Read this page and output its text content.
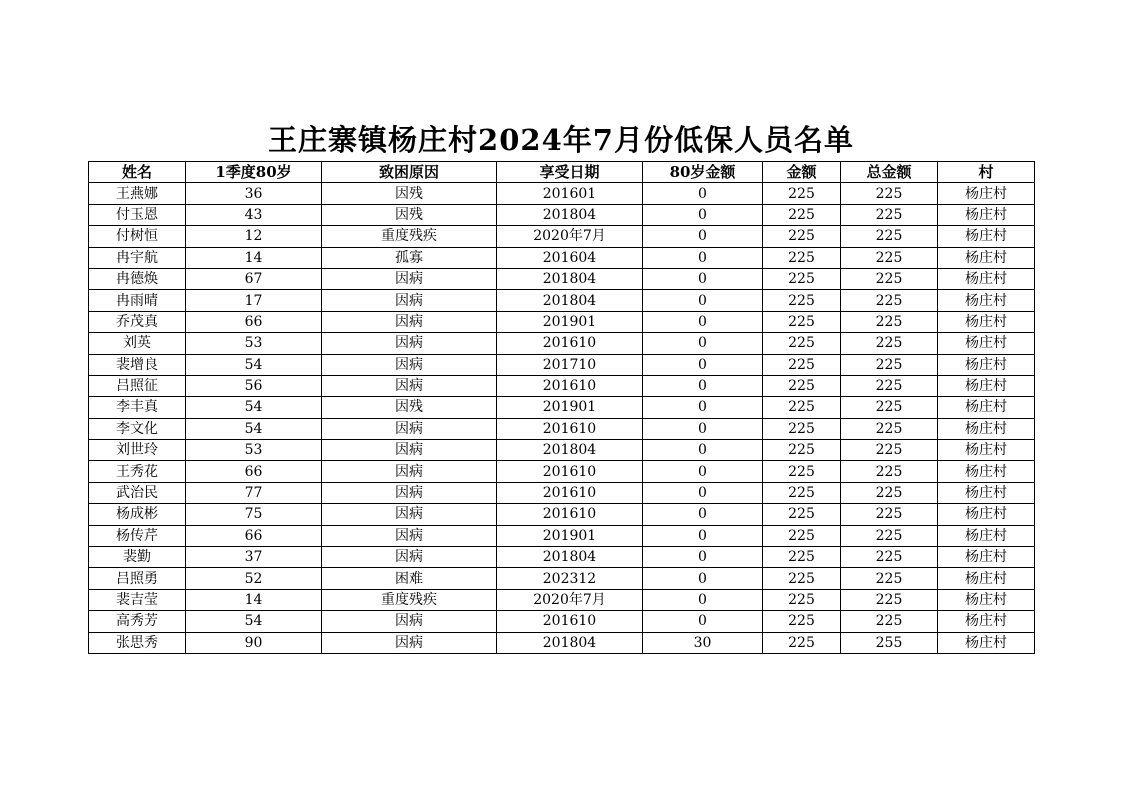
王庄寨镇杨庄村2024年7月份低保人员名单
姓名	1季度80岁	致困原因	享受日期	80岁金额	金额	总金额	村
王燕娜	36	因残	201601	0	225	225	杨庄村
付玉恩	43	因残	201804	0	225	225	杨庄村
付树恒	12	重度残疾	2020年7月	0	225	225	杨庄村
冉宇航	14	孤寡	201604	0	225	225	杨庄村
冉德焕	67	因病	201804	0	225	225	杨庄村
冉雨晴	17	因病	201804	0	225	225	杨庄村
乔茂真	66	因病	201901	0	225	225	杨庄村
刘英	53	因病	201610	0	225	225	杨庄村
裴增良	54	因病	201710	0	225	225	杨庄村
吕照征	56	因病	201610	0	225	225	杨庄村
李丰真	54	因残	201901	0	225	225	杨庄村
李文化	54	因病	201610	0	225	225	杨庄村
刘世玲	53	因病	201804	0	225	225	杨庄村
王秀花	66	因病	201610	0	225	225	杨庄村
武治民	77	因病	201610	0	225	225	杨庄村
杨成彬	75	因病	201610	0	225	225	杨庄村
杨传芹	66	因病	201901	0	225	225	杨庄村
裴勤	37	因病	201804	0	225	225	杨庄村
吕照勇	52	困难	202312	0	225	225	杨庄村
裴吉莹	14	重度残疾	2020年7月	0	225	225	杨庄村
高秀芳	54	因病	201610	0	225	225	杨庄村
张思秀	90	因病	201804	30	225	255	杨庄村
